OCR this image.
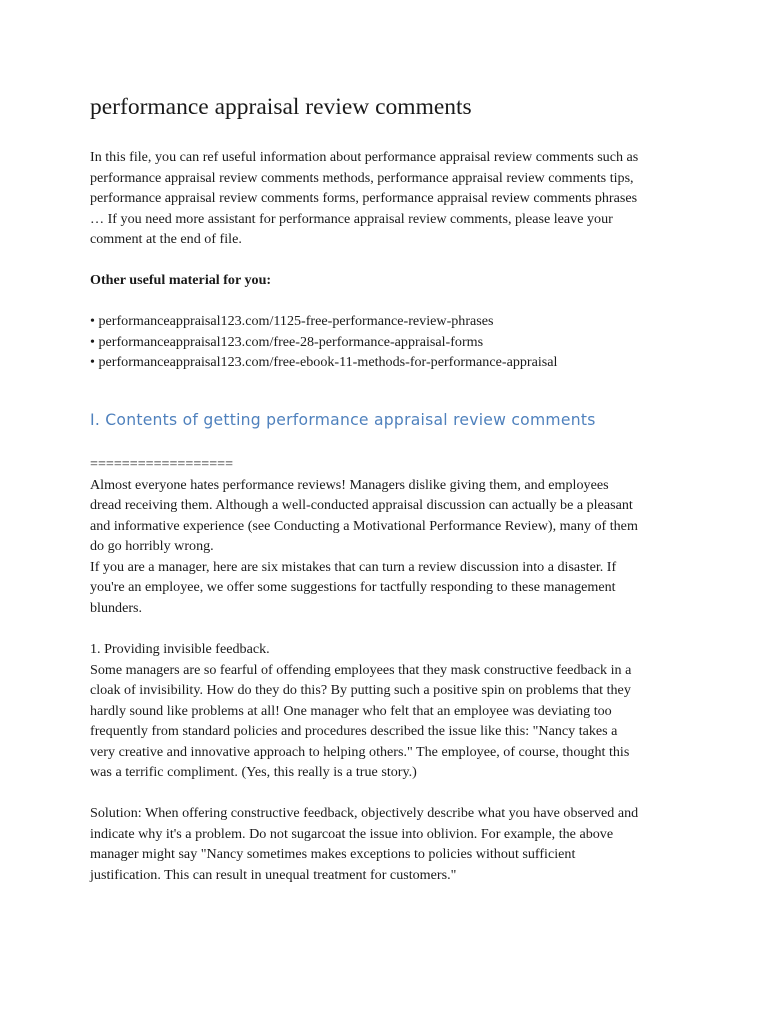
performance appraisal review comments
In this file, you can ref useful information about performance appraisal review comments such as
performance appraisal review comments methods, performance appraisal review comments tips,
performance appraisal review comments forms, performance appraisal review comments phrases
… If you need more assistant for performance appraisal review comments, please leave your
comment at the end of file.

Other useful material for you:

• performanceappraisal123.com/1125-free-performance-review-phrases
• performanceappraisal123.com/free-28-performance-appraisal-forms
• performanceappraisal123.com/free-ebook-11-methods-for-performance-appraisal
I. Contents of getting performance appraisal review comments
==================
Almost everyone hates performance reviews! Managers dislike giving them, and employees
dread receiving them. Although a well-conducted appraisal discussion can actually be a pleasant
and informative experience (see Conducting a Motivational Performance Review), many of them
do go horribly wrong.
If you are a manager, here are six mistakes that can turn a review discussion into a disaster. If
you're an employee, we offer some suggestions for tactfully responding to these management
blunders.
1. Providing invisible feedback.
Some managers are so fearful of offending employees that they mask constructive feedback in a
cloak of invisibility. How do they do this? By putting such a positive spin on problems that they
hardly sound like problems at all! One manager who felt that an employee was deviating too
frequently from standard policies and procedures described the issue like this: "Nancy takes a
very creative and innovative approach to helping others." The employee, of course, thought this
was a terrific compliment. (Yes, this really is a true story.)
Solution: When offering constructive feedback, objectively describe what you have observed and
indicate why it's a problem. Do not sugarcoat the issue into oblivion. For example, the above
manager might say "Nancy sometimes makes exceptions to policies without sufficient
justification. This can result in unequal treatment for customers."
